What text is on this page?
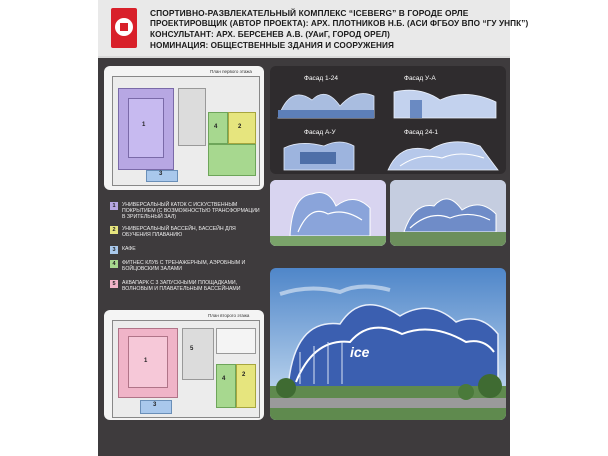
СПОРТИВНО-РАЗВЛЕКАТЕЛЬНЫЙ КОМПЛЕКС “ICEBERG” В ГОРОДЕ ОРЛЕ
ПРОЕКТИРОВЩИК (АВТОР ПРОЕКТА): АРХ. ПЛОТНИКОВ Н.Б. (АСИ ФГБОУ ВПО “ГУ УНПК”)
КОНСУЛЬТАНТ: АРХ. БЕРСЕНЕВ А.В. (УАиГ, ГОРОД ОРЕЛ)
НОМИНАЦИЯ: ОБЩЕСТВЕННЫЕ ЗДАНИЯ И СООРУЖЕНИЯ
План первого этажа
1	2
3
4
Фасад 1-24	Фасад У-А
Фасад А-У	Фасад 24-1
1	УНИВЕРСАЛЬНЫЙ КАТОК С ИСКУСТВЕННЫМ ПОКРЫТИЕМ (С ВОЗМОЖНОСТЬЮ ТРАНСФОРМАЦИИ В ЗРИТЕЛЬНЫЙ ЗАЛ)
2	УНИВЕРСАЛЬНЫЙ БАССЕЙН, БАССЕЙН ДЛЯ ОБУЧЕНИЯ ПЛАВАНИЮ
3	КАФЕ
4	ФИТНЕС КЛУБ С ТРЕНАЖЕРНЫМ, АЭРОБНЫМ И БОЙЦОВСКИМ ЗАЛАМИ
5	АКВАПАРК С 3 ЗАПУСКНЫМИ ПЛОЩАДКАМИ, ВОЛНОВЫМ И ПЛАВАТЕЛЬНЫМ БАССЕЙНАМИ
План второго этажа
1
2
3
4
5	ice
